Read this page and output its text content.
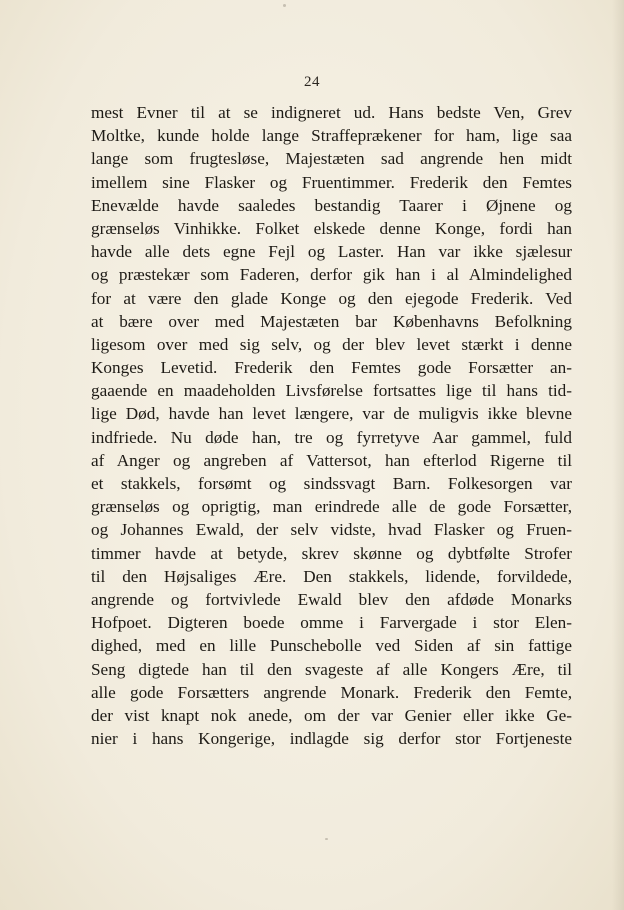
24
mest Evner til at se indigneret ud. Hans bedste Ven, Grev
Moltke, kunde holde lange Straffeprækener for ham, lige saa
lange som frugtesløse, Majestæten sad angrende hen midt
imellem sine Flasker og Fruentimmer. Frederik den Femtes
Enevælde havde saaledes bestandig Taarer i Øjnene og
grænseløs Vinhikke. Folket elskede denne Konge, fordi han
havde alle dets egne Fejl og Laster. Han var ikke sjælesur
og præstekær som Faderen, derfor gik han i al Almindelighed
for at være den glade Konge og den ejegode Frederik. Ved
at bære over med Majestæten bar Københavns Befolkning
ligesom over med sig selv, og der blev levet stærkt i denne
Konges Levetid. Frederik den Femtes gode Forsætter an-
gaaende en maadeholden Livsførelse fortsattes lige til hans tid-
lige Død, havde han levet længere, var de muligvis ikke blevne
indfriede. Nu døde han, tre og fyrretyve Aar gammel, fuld
af Anger og angreben af Vattersot, han efterlod Rigerne til
et stakkels, forsømt og sindssvagt Barn. Folkesorgen var
grænseløs og oprigtig, man erindrede alle de gode Forsætter,
og Johannes Ewald, der selv vidste, hvad Flasker og Fruen-
timmer havde at betyde, skrev skønne og dybtfølte Strofer
til den Højsaliges Ære. Den stakkels, lidende, forvildede,
angrende og fortvivlede Ewald blev den afdøde Monarks
Hofpoet. Digteren boede omme i Farvergade i stor Elen-
dighed, med en lille Punschebolle ved Siden af sin fattige
Seng digtede han til den svageste af alle Kongers Ære, til
alle gode Forsætters angrende Monark. Frederik den Femte,
der vist knapt nok anede, om der var Genier eller ikke Ge-
nier i hans Kongerige, indlagde sig derfor stor Fortjeneste
